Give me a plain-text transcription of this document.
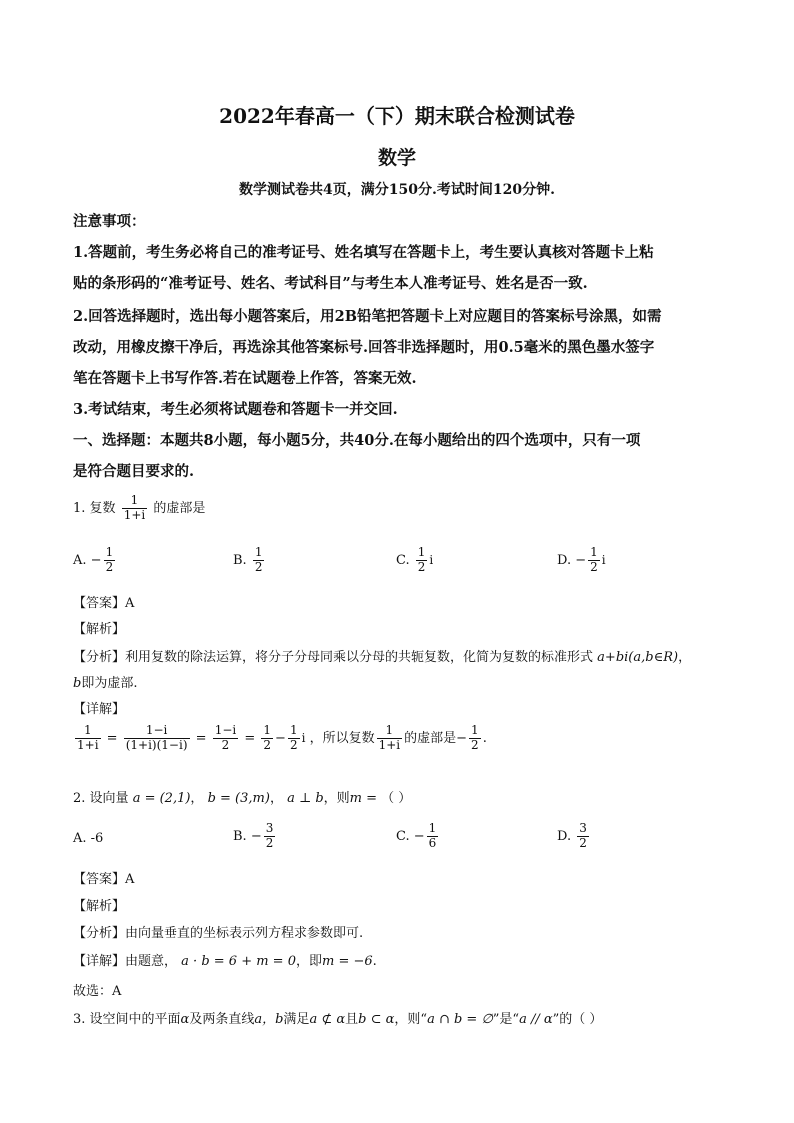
2022年春高一（下）期末联合检测试卷
数学
数学测试卷共4页，满分150分.考试时间120分钟.
注意事项：
1.答题前，考生务必将自己的准考证号、姓名填写在答题卡上，考生要认真核对答题卡上粘
贴的条形码的“准考证号、姓名、考试科目”与考生本人准考证号、姓名是否一致.
2.回答选择题时，选出每小题答案后，用2B铅笔把答题卡上对应题目的答案标号涂黑，如需
改动，用橡皮擦干净后，再选涂其他答案标号.回答非选择题时，用0.5毫米的黑色墨水签字
笔在答题卡上书写作答.若在试题卷上作答，答案无效.
3.考试结束，考生必须将试题卷和答题卡一并交回.
一、选择题：本题共8小题，每小题5分，共40分.在每小题给出的四个选项中，只有一项
是符合题目要求的.
1. 复数 $\frac{1}{1+i}$ 的虚部是
A. − $\frac{1}{2}$	B. $\frac{1}{2}$	C. $\frac{1}{2}$ i	D. − $\frac{1}{2}$ i
【答案】A
【解析】
【分析】利用复数的除法运算，将分子分母同乘以分母的共轭复数，化简为复数的标准形式 a+bi(a,b∈R)，
b即为虚部.
【详解】
$\frac{1}{1+i} = \frac{1-i}{(1+i)(1-i)} = \frac{1-i}{2} = \frac{1}{2} - \frac{1}{2}$ i ，所以复数 $\frac{1}{1+i}$ 的虚部是− $\frac{1}{2}$ .
2. 设向量 a = (2,1)， b = (3,m)， a ⊥ b，则m = （ ）
A. -6	B. − $\frac{3}{2}$	C. − $\frac{1}{6}$	D. $\frac{3}{2}$
【答案】A
【解析】
【分析】由向量垂直的坐标表示列方程求参数即可.
【详解】由题意， a · b = 6 + m = 0，即m = −6.
故选：A
3. 设空间中的平面α及两条直线a，b满足a ⊄ α且b ⊂ α，则“a ∩ b = ∅”是“a // α”的（ ）
